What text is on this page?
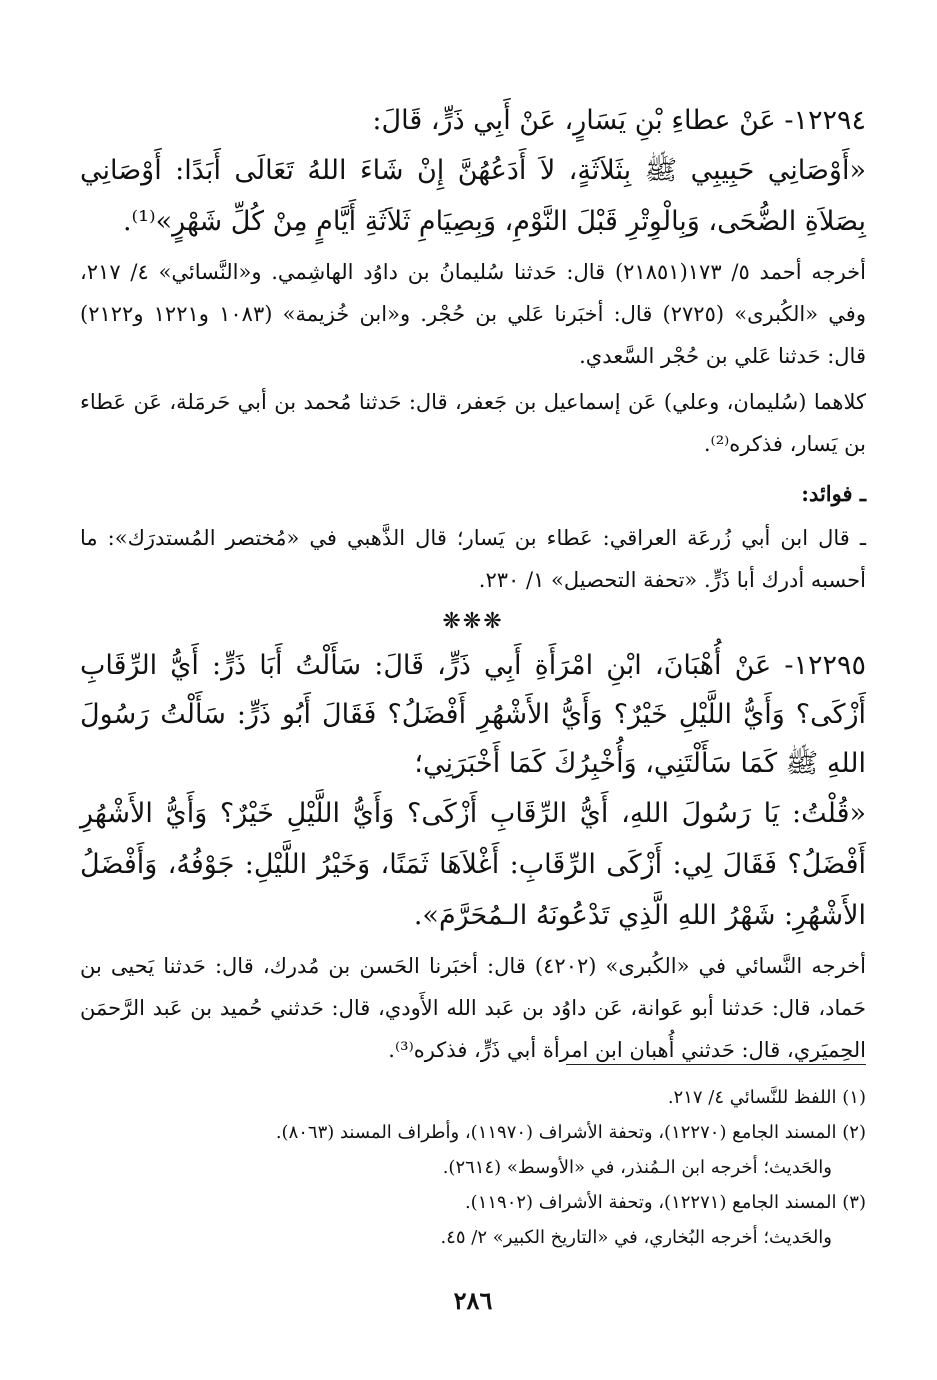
١٢٢٩٤- عَنْ عطاءِ بْنِ يَسَارٍ، عَنْ أَبِي ذَرٍّ، قَالَ:

«أَوْصَانِي حَبِيبِي ﷺ بِثَلاَثَةٍ، لاَ أَدَعُهُنَّ إِنْ شَاءَ اللهُ تَعَالَى أَبَدًا: أَوْصَانِي بِصَلاَةِ الضُّحَى، وَبِالْوِتْرِ قَبْلَ النَّوْمِ، وَبِصِيَامِ ثَلاَثَةِ أَيَّامٍ مِنْ كُلِّ شَهْرٍ»⁽¹⁾.

أخرجه أحمد ٥/ ١٧٣(٢١٨٥١) قال: حَدثنا سُليمانُ بن داوُد الهاشِمي. و«النَّسائي» ٤/ ٢١٧، وفي «الكُبرى» (٢٧٢٥) قال: أخبَرنا عَلي بن حُجْر. و«ابن خُزيمة» (١٠٨٣ و١٢٢١ و٢١٢٢) قال: حَدثنا عَلي بن حُجْر السَّعدي.

كلاهما (سُليمان، وعلي) عَن إسماعيل بن جَعفر، قال: حَدثنا مُحمد بن أبي حَرمَلة، عَن عَطاء بن يَسار، فذكره⁽²⁾.

ـ فوائد:

ـ قال ابن أبي زُرعَة العراقي: عَطاء بن يَسار؛ قال الذَّهبي في «مُختصر المُستدرَك»: ما أحسبه أدرك أبا ذَرٍّ. «تحفة التحصيل» ١/ ٢٣٠.

❋❋❋

١٢٢٩٥- عَنْ أُهْبَانَ، ابْنِ امْرَأَةِ أَبِي ذَرٍّ، قَالَ: سَأَلْتُ أَبَا ذَرٍّ: أَيُّ الرِّقَابِ أَزْكَى؟ وَأَيُّ اللَّيْلِ خَيْرٌ؟ وَأَيُّ الأَشْهُرِ أَفْضَلُ؟ فَقَالَ أَبُو ذَرٍّ: سَأَلْتُ رَسُولَ اللهِ ﷺ كَمَا سَأَلْتَنِي، وَأُخْبِرُكَ كَمَا أَخْبَرَنِي؛

«قُلْتُ: يَا رَسُولَ اللهِ، أَيُّ الرِّقَابِ أَزْكَى؟ وَأَيُّ اللَّيْلِ خَيْرٌ؟ وَأَيُّ الأَشْهُرِ أَفْضَلُ؟ فَقَالَ لِي: أَزْكَى الرِّقَابِ: أَغْلاَهَا ثَمَنًا، وَخَيْرُ اللَّيْلِ: جَوْفُهُ، وَأَفْضَلُ الأَشْهُرِ: شَهْرُ اللهِ الَّذِي تَدْعُونَهُ الـمُحَرَّمَ».

أخرجه النَّسائي في «الكُبرى» (٤٢٠٢) قال: أخبَرنا الحَسن بن مُدرك، قال: حَدثنا يَحيى بن حَماد، قال: حَدثنا أبو عَوانة، عَن داوُد بن عَبد الله الأَودي، قال: حَدثني حُميد بن عَبد الرَّحمَن الحِميَري، قال: حَدثني أُهبان ابن امرأة أبي ذَرٍّ، فذكره⁽³⁾.

(١) اللفظ للنَّسائي ٤/ ٢١٧.
(٢) المسند الجامع (١٢٢٧٠)، وتحفة الأشراف (١١٩٧٠)، وأطراف المسند (٨٠٦٣).
والحَديث؛ أخرجه ابن الـمُنذر، في «الأوسط» (٢٦١٤).
(٣) المسند الجامع (١٢٢٧١)، وتحفة الأشراف (١١٩٠٢).
والحَديث؛ أخرجه البُخاري، في «التاريخ الكبير» ٢/ ٤٥.
٢٨٦
